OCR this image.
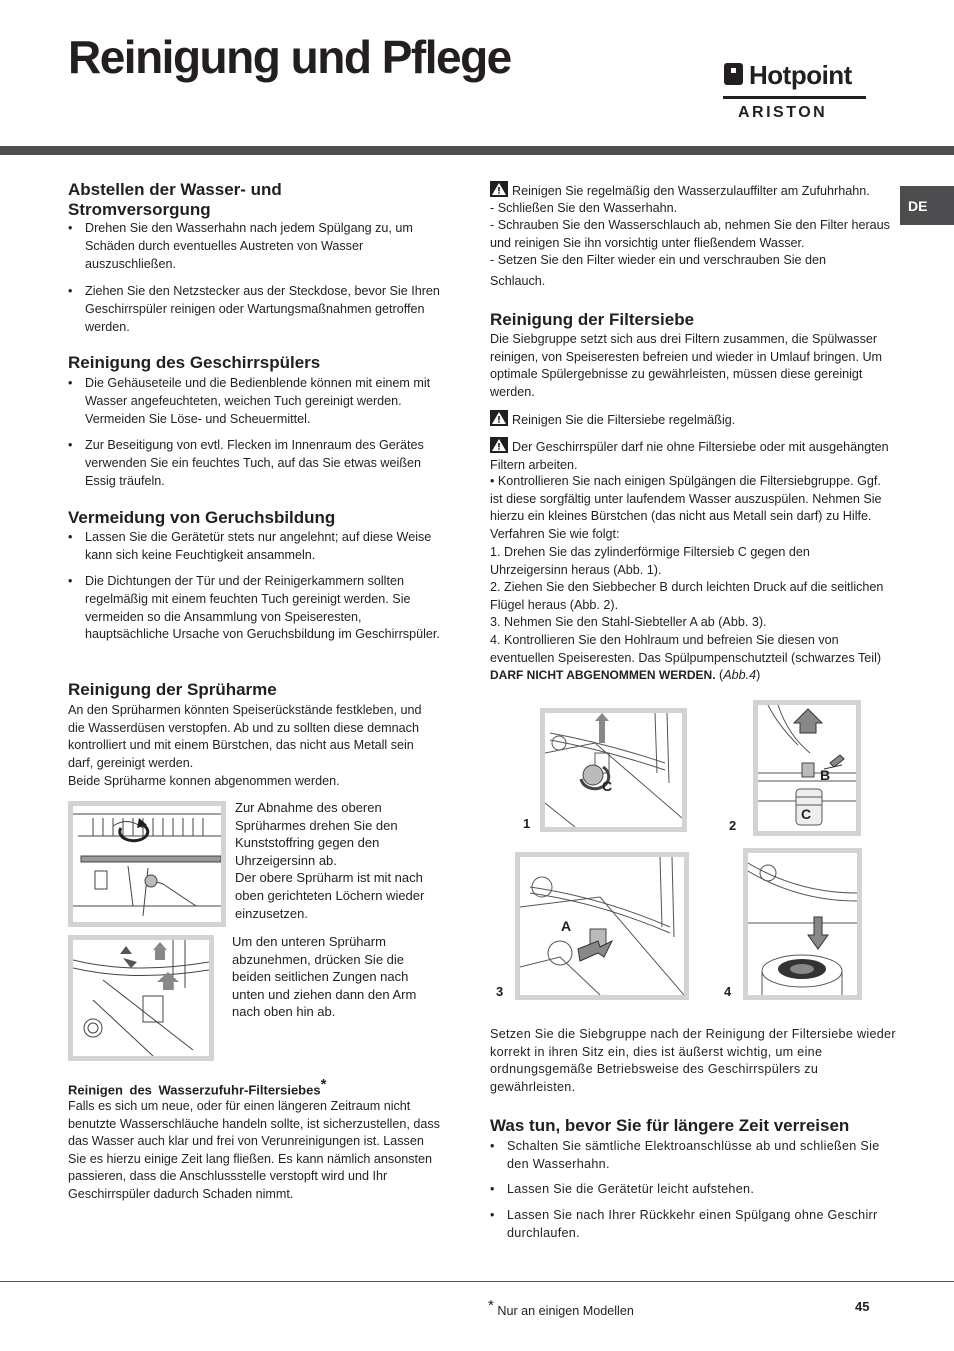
Reinigung und Pflege	Hotpoint
ARISTON
DE
Abstellen der Wasser- und Stromversorgung
• Drehen Sie den Wasserhahn nach jedem Spülgang zu, um Schäden durch eventuelles Austreten von Wasser auszuschließen.
• Ziehen Sie den Netzstecker aus der Steckdose, bevor Sie Ihren Geschirrspüler reinigen oder Wartungsmaßnahmen getroffen werden.
Reinigung des Geschirrspülers
• Die Gehäuseteile und die Bedienblende können mit einem mit Wasser angefeuchteten, weichen Tuch gereinigt werden. Vermeiden Sie Löse- und Scheuermittel.
• Zur Beseitigung von evtl. Flecken im Innenraum des Gerätes verwenden Sie ein feuchtes Tuch, auf das Sie etwas weißen Essig träufeln.
Vermeidung von Geruchsbildung
• Lassen Sie die Gerätetür stets nur angelehnt; auf diese Weise kann sich keine Feuchtigkeit ansammeln.
• Die Dichtungen der Tür und der Reinigerkammern sollten regelmäßig mit einem feuchten Tuch gereinigt werden. Sie vermeiden so die Ansammlung von Speiseresten, hauptsächliche Ursache von Geruchsbildung im Geschirrspüler.
Reinigung der Sprüharme
An den Sprüharmen könnten Speiserückstände festkleben, und die Wasserdüsen verstopfen. Ab und zu sollten diese demnach kontrolliert und mit einem Bürstchen, das nicht aus Metall sein darf, gereinigt werden.
Beide Sprüharme konnen abgenommen werden.
Zur Abnahme des oberen Sprüharmes drehen Sie den Kunststoffring gegen den Uhrzeigersinn ab.
Der obere Sprüharm ist mit nach oben gerichteten Löchern wieder einzusetzen.
Um den unteren Sprüharm abzunehmen, drücken Sie die beiden seitlichen Zungen nach unten und ziehen dann den Arm nach oben hin ab.
Reinigen des Wasserzufuhr-Filtersiebes*
Falls es sich um neue, oder für einen längeren Zeitraum nicht benutzte Wasserschläuche handeln sollte, ist sicherzustellen, dass das Wasser auch klar und frei von Verunreinigungen ist. Lassen Sie es hierzu einige Zeit lang fließen. Es kann nämlich ansonsten passieren, dass die Anschlussstelle verstopft wird und Ihr Geschirrspüler dadurch Schaden nimmt.
Reinigen Sie regelmäßig den Wasserzulauffilter am Zufuhrhahn.
- Schließen Sie den Wasserhahn.
- Schrauben Sie den Wasserschlauch ab, nehmen Sie den Filter heraus und reinigen Sie ihn vorsichtig unter fließendem Wasser.
- Setzen Sie den Filter wieder ein und verschrauben Sie den
Schlauch.
Reinigung der Filtersiebe
Die Siebgruppe setzt sich aus drei Filtern zusammen, die Spülwasser reinigen, von Speiseresten befreien und wieder in Umlauf bringen. Um optimale Spülergebnisse zu gewährleisten, müssen diese gereinigt werden.
Reinigen Sie die Filtersiebe regelmäßig.
Der Geschirrspüler darf nie ohne Filtersiebe oder mit ausgehängten Filtern arbeiten.
• Kontrollieren Sie nach einigen Spülgängen die Filtersiebgruppe. Ggf. ist diese sorgfältig unter laufendem Wasser auszuspülen. Nehmen Sie hierzu ein kleines Bürstchen (das nicht aus Metall sein darf) zu Hilfe. Verfahren Sie wie folgt:
1. Drehen Sie das zylinderförmige Filtersieb C gegen den Uhrzeigersinn heraus (Abb. 1).
2. Ziehen Sie den Siebbecher B durch leichten Druck auf die seitlichen Flügel heraus (Abb. 2).
3. Nehmen Sie den Stahl-Siebteller A ab (Abb. 3).
4. Kontrollieren Sie den Hohlraum und befreien Sie diesen von eventuellen Speiseresten. Das Spülpumpenschutzteil (schwarzes Teil) DARF NICHT ABGENOMMEN WERDEN. (Abb.4)
C
1
B
C
2
A
3	4
Setzen Sie die Siebgruppe nach der Reinigung der Filtersiebe wieder korrekt in ihren Sitz ein, dies ist äußerst wichtig, um eine ordnungsgemäße Betriebsweise des Geschirrspülers zu gewährleisten.
Was tun, bevor Sie für längere Zeit verreisen
• Schalten Sie sämtliche Elektroanschlüsse ab und schließen Sie den Wasserhahn.
• Lassen Sie die Gerätetür leicht aufstehen.
• Lassen Sie nach Ihrer Rückkehr einen Spülgang ohne Geschirr durchlaufen.
* Nur an einigen Modellen	45
